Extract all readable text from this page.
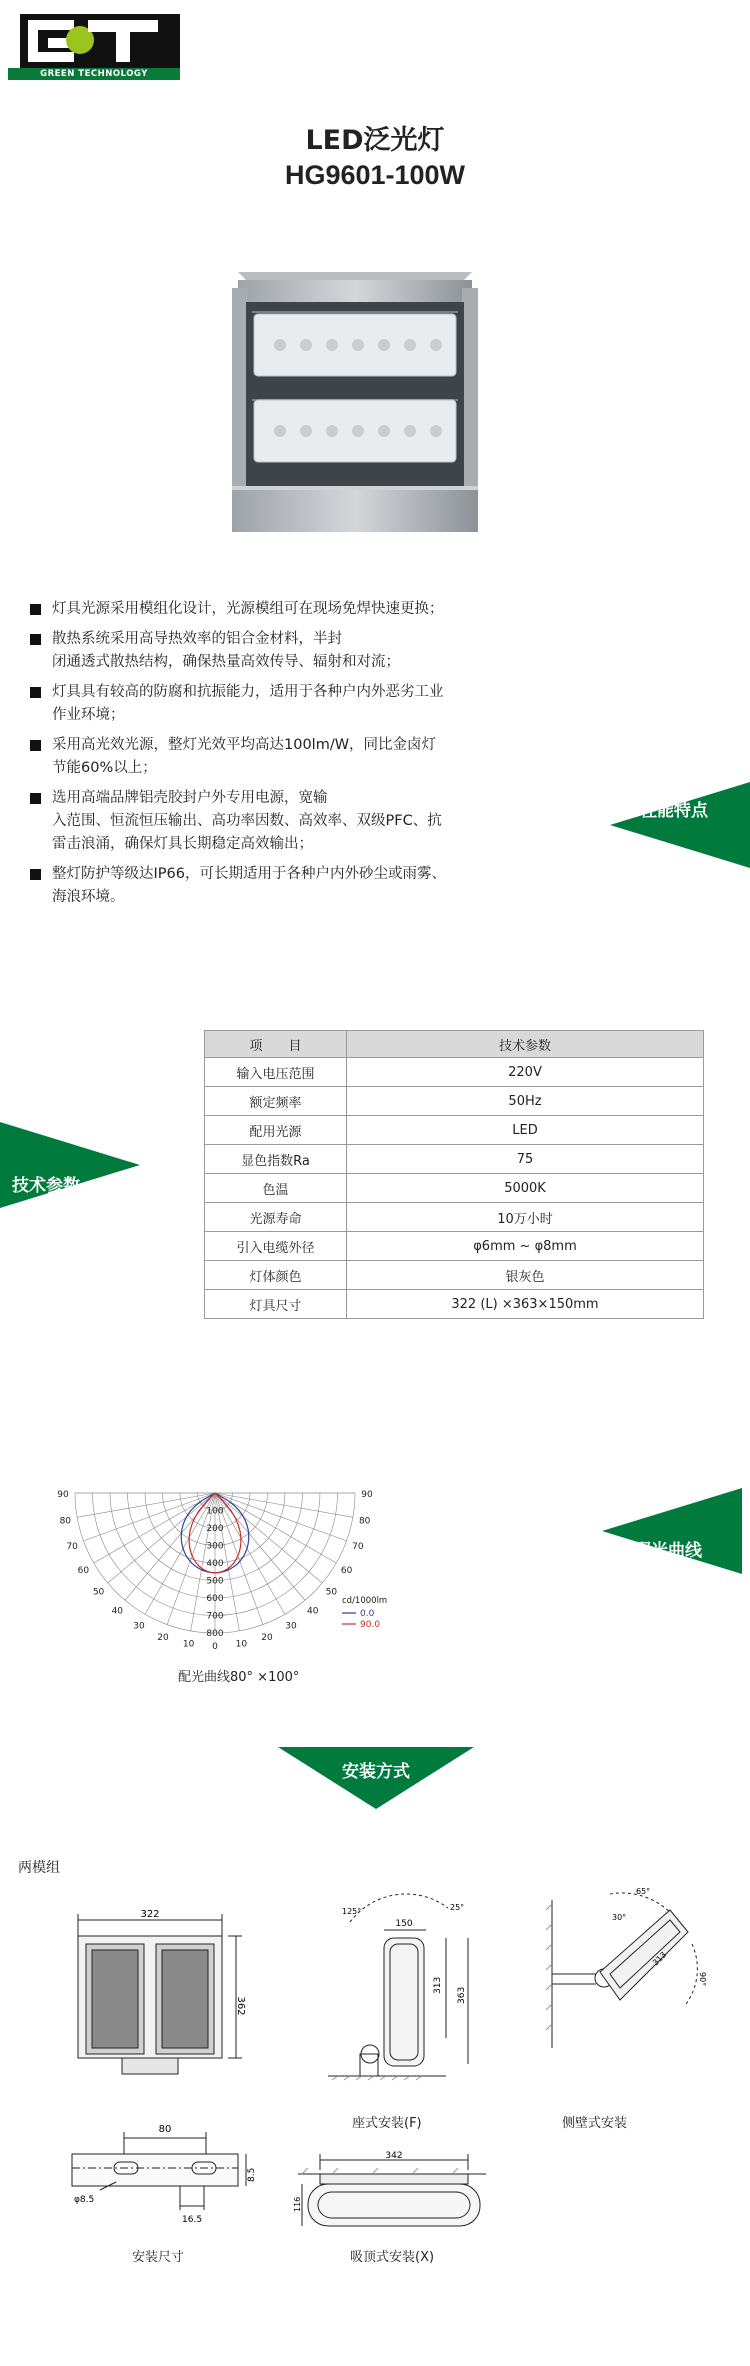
GREEN TECHNOLOGY
LED泛光灯
HG9601-100W
灯具光源采用模组化设计，光源模组可在现场免焊快速更换；
散热系统采用高导热效率的铝合金材料，半封
闭通透式散热结构，确保热量高效传导、辐射和对流；
灯具具有较高的防腐和抗振能力，适用于各种户内外恶劣工业
作业环境；
采用高光效光源，整灯光效平均高达100lm/W，同比金卤灯
节能60%以上；
选用高端品牌铝壳胶封户外专用电源，宽输
入范围、恒流恒压输出、高功率因数、高效率、双级PFC、抗
雷击浪涌，确保灯具长期稳定高效输出；
整灯防护等级达IP66，可长期适用于各种户内外砂尘或雨雾、
海浪环境。
性能特点
技术参数
项　　目	技术参数
输入电压范围	220V
额定频率	50Hz
配用光源	LED
显色指数Ra	75
色温	5000K
光源寿命	10万小时
引入电缆外径	φ6mm ~ φ8mm
灯体颜色	银灰色
灯具尺寸	322 (L) ×363×150mm
配光曲线
90
80
70
60
50
40
30
20
10 0 10
20
30
40
50
60
70
80
90
100
200
300
400
500
600
700
800
cd/1000lm
0.0
90.0
配光曲线80° ×100°
安装方式
两模组
322
362
150
125°	25°
313
363
65°
30°
90°
313
80
φ8.5
16.5
8.5
342
116
座式安装(F)	侧壁式安装
安装尺寸	吸顶式安装(X)
